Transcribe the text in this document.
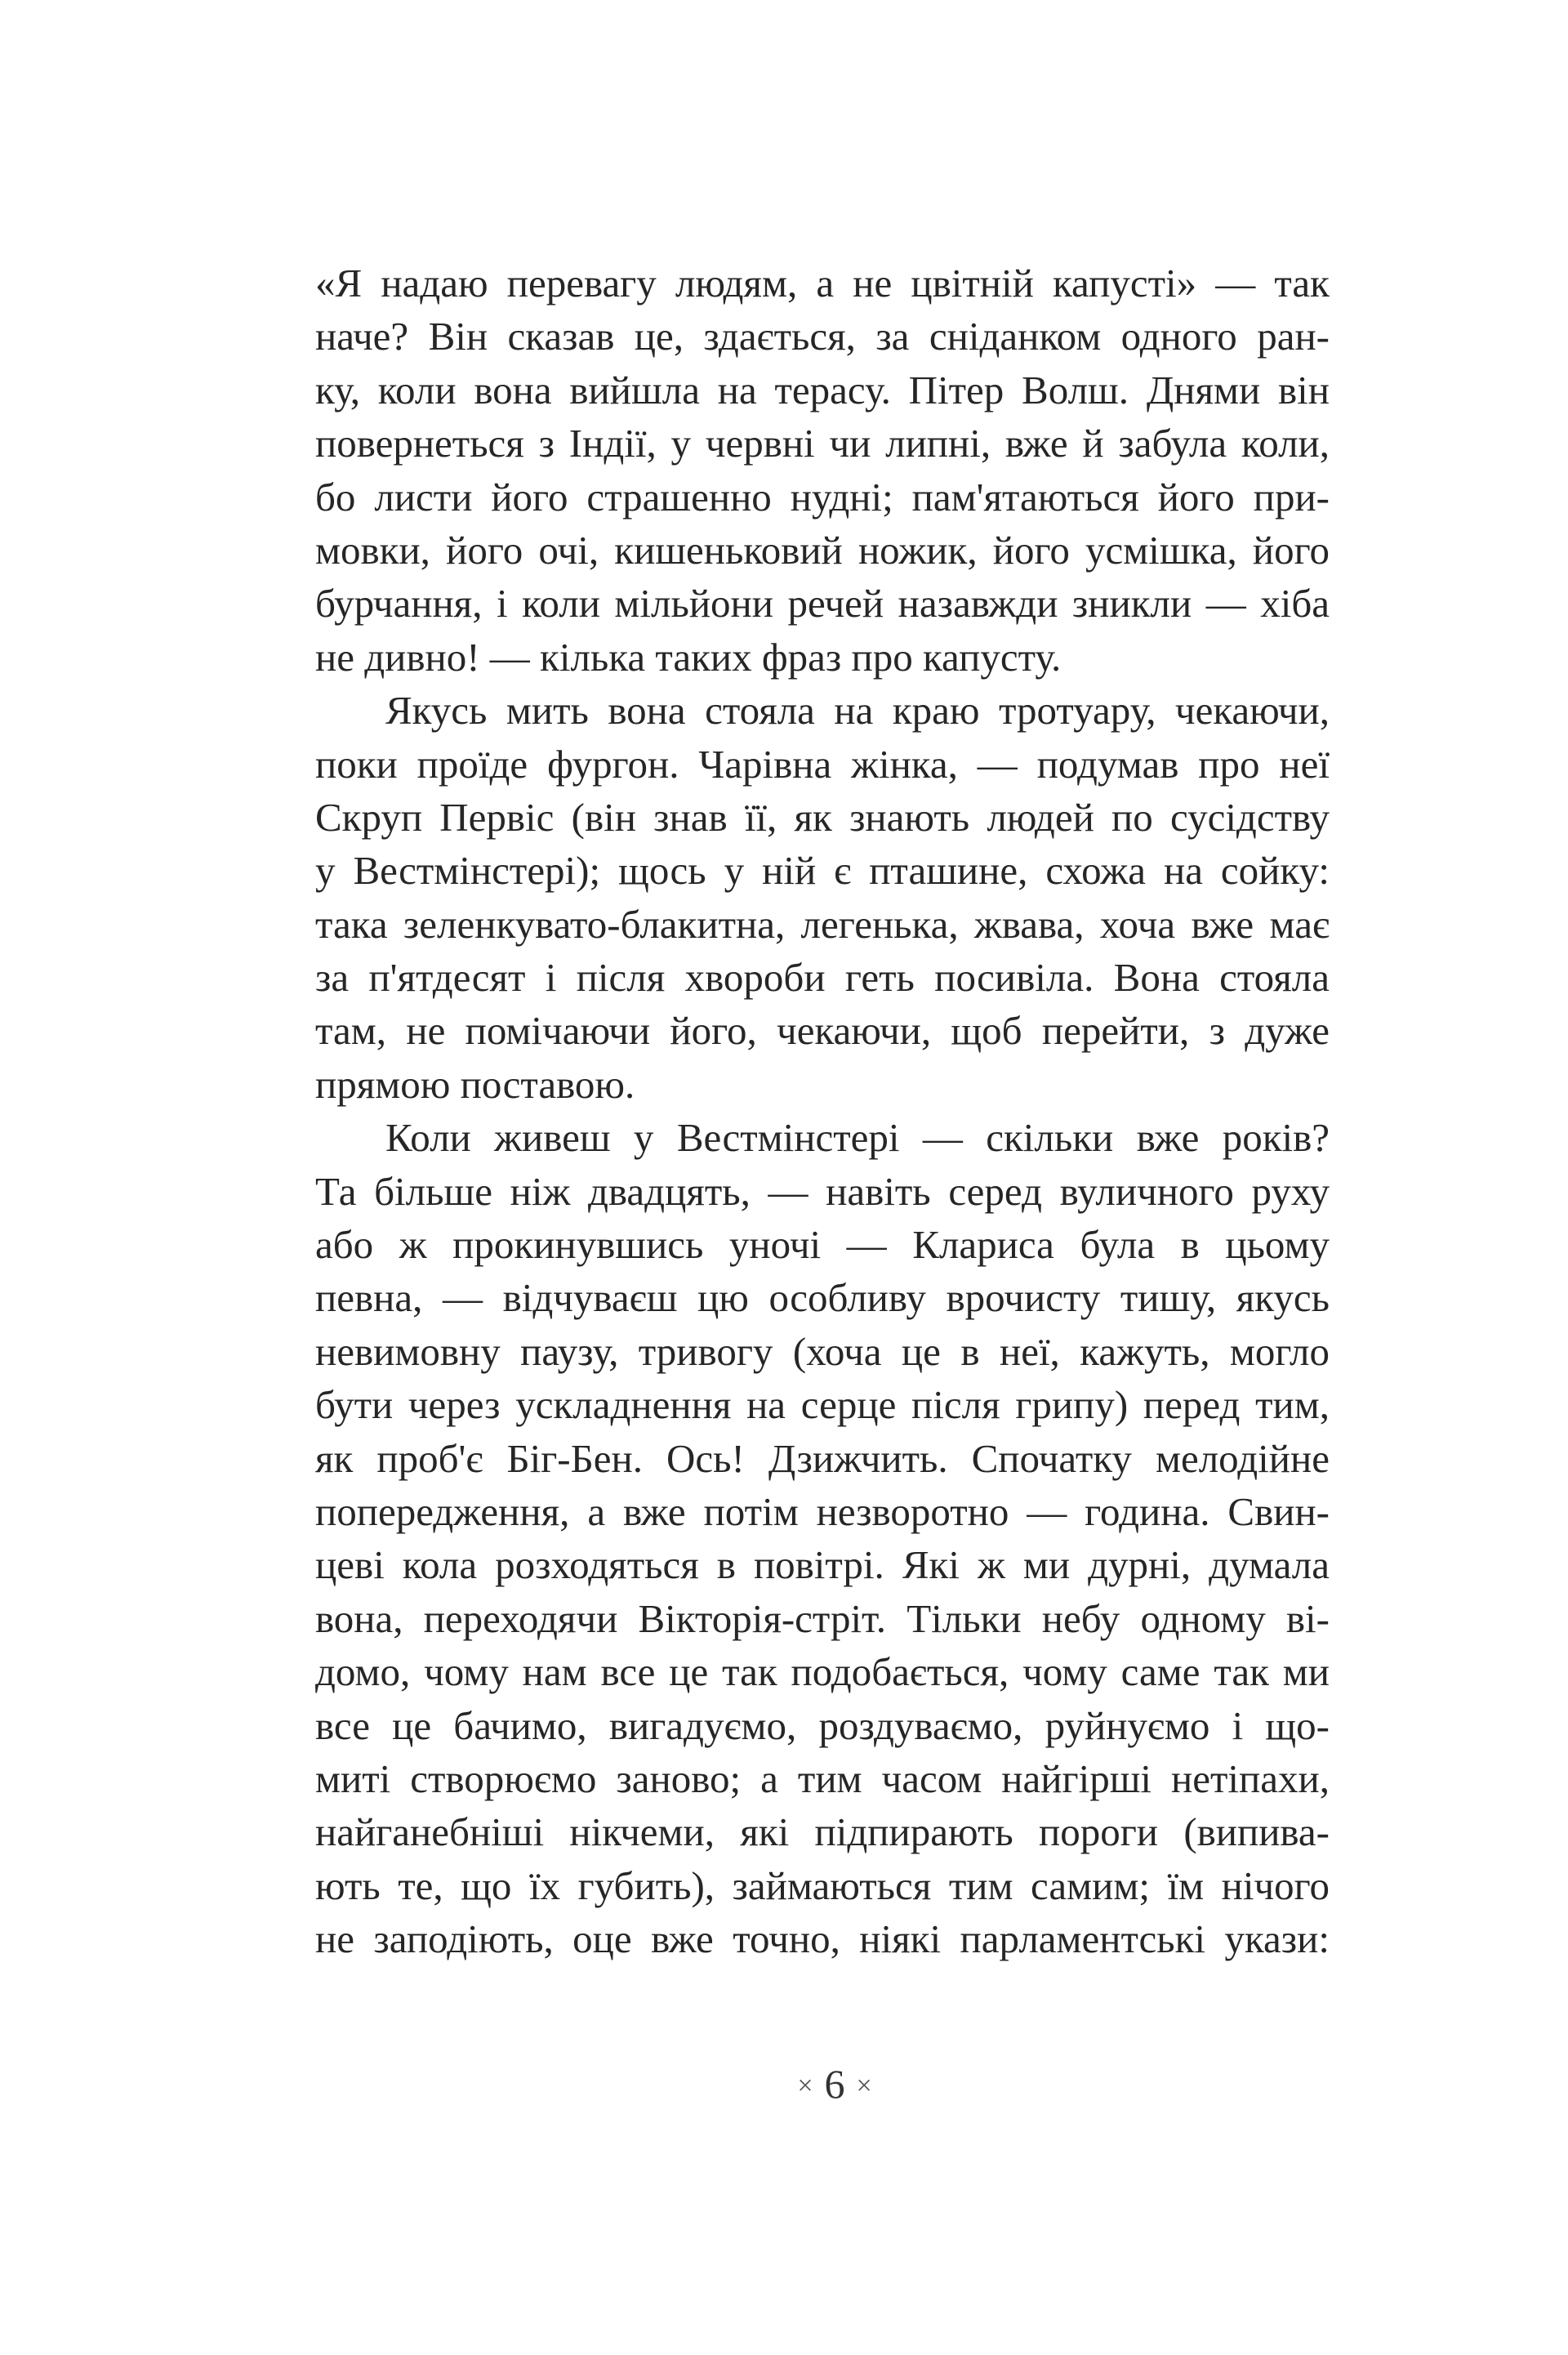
«Я надаю перевагу людям, а не цвітній капусті» — так
наче? Він сказав це, здається, за сніданком одного ран-
ку, коли вона вийшла на терасу. Пітер Волш. Днями він
повернеться з Індії, у червні чи липні, вже й забула коли,
бо листи його страшенно нудні; пам'ятаються його при-
мовки, його очі, кишеньковий ножик, його усмішка, його
бурчання, і коли мільйони речей назавжди зникли — хіба
не дивно! — кілька таких фраз про капусту.
Якусь мить вона стояла на краю тротуару, чекаючи,
поки проїде фургон. Чарівна жінка, — подумав про неї
Скруп Первіс (він знав її, як знають людей по сусідству
у Вестмінстері); щось у ній є пташине, схожа на сойку:
така зеленкувато-блакитна, легенька, жвава, хоча вже має
за п'ятдесят і після хвороби геть посивіла. Вона стояла
там, не помічаючи його, чекаючи, щоб перейти, з дуже
прямою поставою.
Коли живеш у Вестмінстері — скільки вже років?
Та більше ніж двадцять, — навіть серед вуличного руху
або ж прокинувшись уночі — Клариса була в цьому
певна, — відчуваєш цю особливу врочисту тишу, якусь
невимовну паузу, тривогу (хоча це в неї, кажуть, могло
бути через ускладнення на серце після грипу) перед тим,
як проб'є Біг-Бен. Ось! Дзижчить. Спочатку мелодійне
попередження, а вже потім незворотно — година. Свин-
цеві кола розходяться в повітрі. Які ж ми дурні, думала
вона, переходячи Вікторія-стріт. Тільки небу одному ві-
домо, чому нам все це так подобається, чому саме так ми
все це бачимо, вигадуємо, роздуваємо, руйнуємо і що-
миті створюємо заново; а тим часом найгірші нетіпахи,
найганебніші нікчеми, які підпирають пороги (випива-
ють те, що їх губить), займаються тим самим; їм нічого
не заподіють, оце вже точно, ніякі парламентські укази:
× 6 ×
